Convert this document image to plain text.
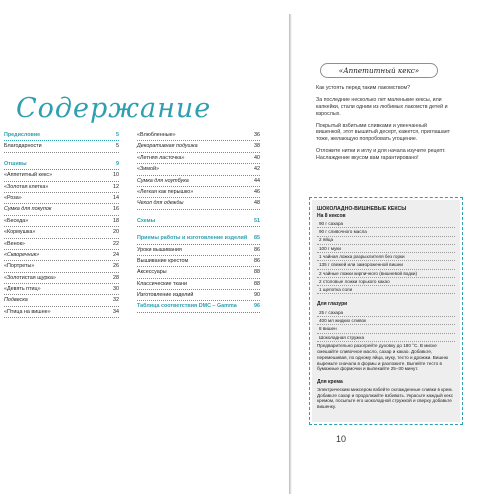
Содержание
Предисловие	5
Благодарности	5
Отшивы	9
«Аппетитный кекс»	10
«Золотая клетка»	12
«Роза»	14
Сумка для покупок	16
«Беседа»	18
«Кормушка»	20
«Венок»	22
«Скворечник»	24
«Портреты»	26
«Золотистая щурка»	28
«Девять птиц»	30
Подвеска	32
«Птица на вишне»	34
«Влюбленные»	36
Декоративная подушка	38
«Летняя ласточка»	40
«Зимой»	42
Сумка для ноутбука	44
«Легкая как перышко»	46
Чехол для одежды	48
Схемы	51
Приемы работы и изготовление изделий 85
Уроки вышивания	86
Вышивание крестом	86
Аксессуары	88
Классические ткани	88
Изготовление изделий	90
Таблица соответствия DMC – Gamma	96
«Аппетитный кекс»

Как устоять перед таким лакомством?

За последние несколько лет маленькие кексы, или капкейки, стали одним из любимых лакомств детей и взрослых.

Покрытый взбитыми сливками и увенчанный вишенкой, этот вышитый десерт, кажется, приглашает тоже, желающую попробовать угощение.

Отложите нитки и иглу и для начала изучите рецепт. Наслаждение вкусом вам гарантировано!

ШОКОЛАДНО-ВИШНЕВЫЕ КЕКСЫ
На 8 кексов
90 г сахара
90 г сливочного масла
2 яйца
100 г муки
1 чайная ложка разрыхлителя без горки
135 г свежей или замороженной вишни
2 чайные ложки кирпичного (вишневой водки)
2 столовые ложки горького какао
1 щепотка соли
Для глазури
25 г сахара
400 мл жидких сливок
8 вишен
Шоколадная стружка
Предварительно разогрейте духовку до 180 °С. В миске смешайте сливочное масло, сахар и какао. Добавьте, перемешивая, по одному яйца, муку, тесто и дрожжи. Вишню вырежьте сначала в формы и разложите. Выпейте тесто в бумажные формочки и выпекайте 25–30 минут.
Для крема
Электрическим миксером взбейте охлажденные сливки в крем. Добавьте сахар и продолжайте взбивать. Украсьте каждый кекс кремом, посыпьте его шоколадной стружкой и сверху добавьте вишенку.
10
